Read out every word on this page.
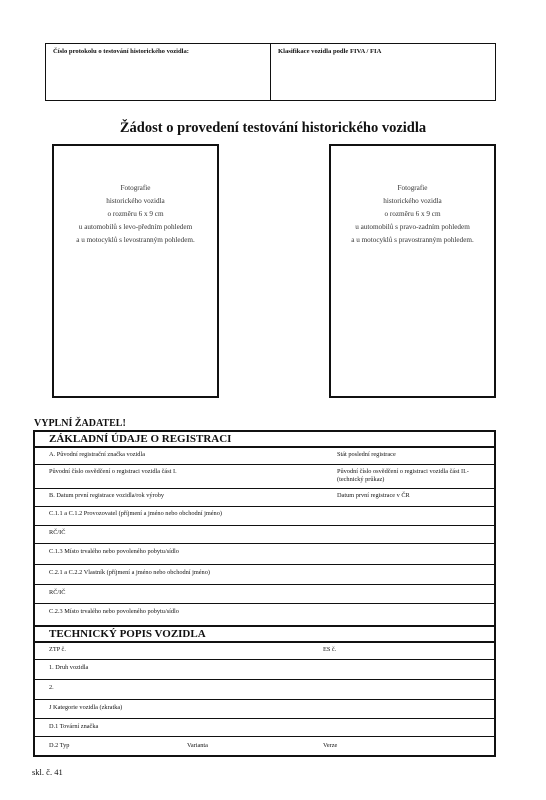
Číslo protokolu o testování historického vozidla:	Klasifikace vozidla podle FIVA / FIA
Žádost o provedení testování historického vozidla
Fotografie
historického vozidla
o rozměru 6 x 9 cm
u automobilů s levo-předním pohledem
a u motocyklů s levostranným pohledem.
Fotografie
historického vozidla
o rozměru 6 x 9 cm
u automobilů s pravo-zadním pohledem
a u motocyklů s pravostranným pohledem.
VYPLNÍ ŽADATEL!
ZÁKLADNÍ ÚDAJE O REGISTRACI
A. Původní registrační značka vozidla	Stát poslední registrace
Původní číslo osvědčení o registraci vozidla část I.	Původní číslo osvědčení o registraci vozidla část II.-
(technický průkaz)
B. Datum první registrace vozidla/rok výroby	Datum první registrace v ČR
C.1.1 a C.1.2 Provozovatel (příjmení a jméno nebo obchodní jméno)
RČ/IČ
C.1.3 Místo trvalého nebo povoleného pobytu/sídlo
C.2.1 a C.2.2 Vlastník (příjmení a jméno nebo obchodní jméno)
RČ/IČ
C.2.3 Místo trvalého nebo povoleného pobytu/sídlo
TECHNICKÝ POPIS VOZIDLA
ZTP č.	ES č.
1. Druh vozidla
2.
J Kategorie vozidla (zkratka)
D.1 Tovární značka
D.2 Typ	Varianta	Verze
skl. č. 41
